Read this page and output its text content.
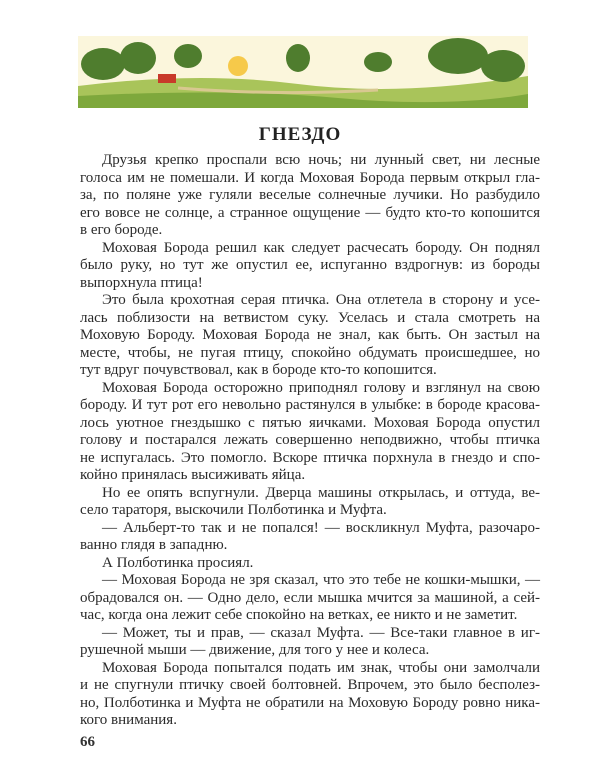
ГНЕЗДО
Друзья крепко проспали всю ночь; ни лунный свет, ни лесные
голоса им не помешали. И когда Моховая Борода первым открыл гла-
за, по поляне уже гуляли веселые солнечные лучики. Но разбудило
его вовсе не солнце, а странное ощущение — будто кто-то копошится
в его бороде.
Моховая Борода решил как следует расчесать бороду. Он поднял
было руку, но тут же опустил ее, испуганно вздрогнув: из бороды
выпорхнула птица!
Это была крохотная серая птичка. Она отлетела в сторону и усе-
лась поблизости на ветвистом суку. Уселась и стала смотреть на
Моховую Бороду. Моховая Борода не знал, как быть. Он застыл на
месте, чтобы, не пугая птицу, спокойно обдумать происшедшее, но
тут вдруг почувствовал, как в бороде кто-то копошится.
Моховая Борода осторожно приподнял голову и взглянул на свою
бороду. И тут рот его невольно растянулся в улыбке: в бороде красова-
лось уютное гнездышко с пятью яичками. Моховая Борода опустил
голову и постарался лежать совершенно неподвижно, чтобы птичка
не испугалась. Это помогло. Вскоре птичка порхнула в гнездо и спо-
койно принялась высиживать яйца.
Но ее опять вспугнули. Дверца машины открылась, и оттуда, ве-
село тараторя, выскочили Полботинка и Муфта.
— Альберт-то так и не попался! — воскликнул Муфта, разочаро-
ванно глядя в западню.
А Полботинка просиял.
— Моховая Борода не зря сказал, что это тебе не кошки-мышки, —
обрадовался он. — Одно дело, если мышка мчится за машиной, а сей-
час, когда она лежит себе спокойно на ветках, ее никто и не заметит.
— Может, ты и прав, — сказал Муфта. — Все-таки главное в иг-
рушечной мыши — движение, для того у нее и колеса.
Моховая Борода попытался подать им знак, чтобы они замолчали
и не спугнули птичку своей болтовней. Впрочем, это было бесполез-
но, Полботинка и Муфта не обратили на Моховую Бороду ровно ника-
кого внимания.
66
